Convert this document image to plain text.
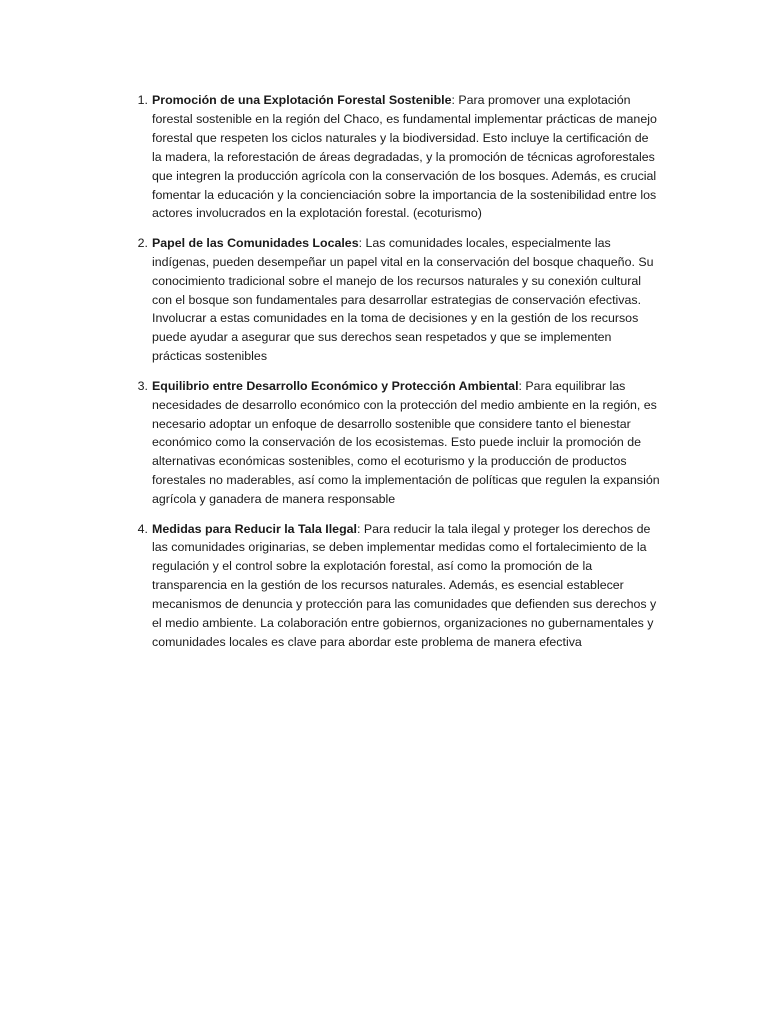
1. Promoción de una Explotación Forestal Sostenible: Para promover una explotación forestal sostenible en la región del Chaco, es fundamental implementar prácticas de manejo forestal que respeten los ciclos naturales y la biodiversidad. Esto incluye la certificación de la madera, la reforestación de áreas degradadas, y la promoción de técnicas agroforestales que integren la producción agrícola con la conservación de los bosques. Además, es crucial fomentar la educación y la concienciación sobre la importancia de la sostenibilidad entre los actores involucrados en la explotación forestal. (ecoturismo)
2. Papel de las Comunidades Locales: Las comunidades locales, especialmente las indígenas, pueden desempeñar un papel vital en la conservación del bosque chaqueño. Su conocimiento tradicional sobre el manejo de los recursos naturales y su conexión cultural con el bosque son fundamentales para desarrollar estrategias de conservación efectivas. Involucrar a estas comunidades en la toma de decisiones y en la gestión de los recursos puede ayudar a asegurar que sus derechos sean respetados y que se implementen prácticas sostenibles
3. Equilibrio entre Desarrollo Económico y Protección Ambiental: Para equilibrar las necesidades de desarrollo económico con la protección del medio ambiente en la región, es necesario adoptar un enfoque de desarrollo sostenible que considere tanto el bienestar económico como la conservación de los ecosistemas. Esto puede incluir la promoción de alternativas económicas sostenibles, como el ecoturismo y la producción de productos forestales no maderables, así como la implementación de políticas que regulen la expansión agrícola y ganadera de manera responsable
4. Medidas para Reducir la Tala Ilegal: Para reducir la tala ilegal y proteger los derechos de las comunidades originarias, se deben implementar medidas como el fortalecimiento de la regulación y el control sobre la explotación forestal, así como la promoción de la transparencia en la gestión de los recursos naturales. Además, es esencial establecer mecanismos de denuncia y protección para las comunidades que defienden sus derechos y el medio ambiente. La colaboración entre gobiernos, organizaciones no gubernamentales y comunidades locales es clave para abordar este problema de manera efectiva
